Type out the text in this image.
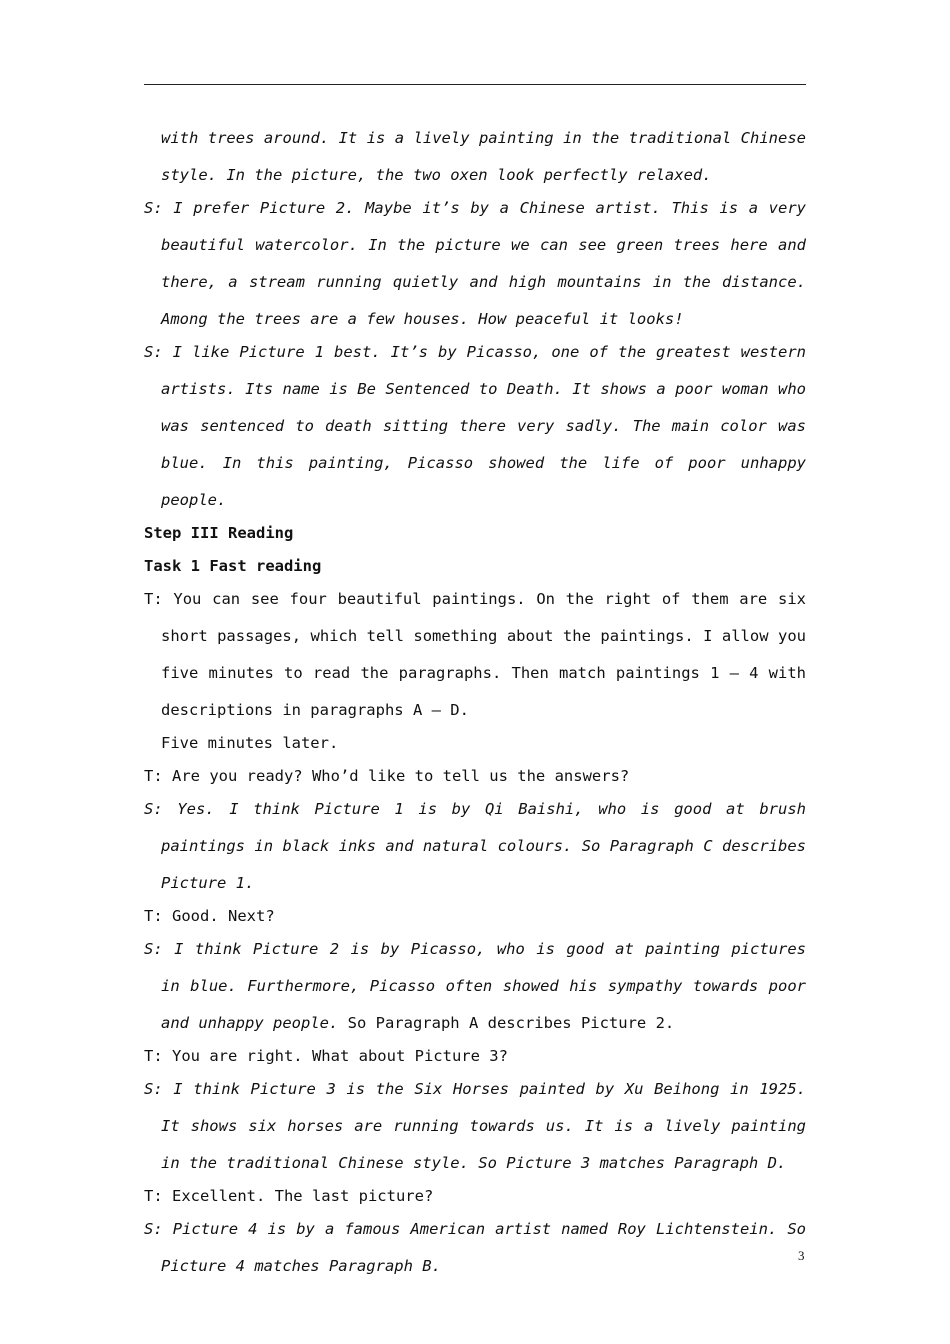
with trees around. It is a lively painting in the traditional Chinese style. In the picture, the two oxen look perfectly relaxed.
S: I prefer Picture 2. Maybe it’s by a Chinese artist. This is a very beautiful watercolor. In the picture we can see green trees here and there, a stream running quietly and high mountains in the distance. Among the trees are a few houses. How peaceful it looks!
S: I like Picture 1 best. It’s by Picasso, one of the greatest western artists. Its name is Be Sentenced to Death. It shows a poor woman who was sentenced to death sitting there very sadly. The main color was blue. In this painting, Picasso showed the life of poor unhappy people.
Step III Reading
Task 1 Fast reading
T: You can see four beautiful paintings. On the right of them are six short passages, which tell something about the paintings. I allow you five minutes to read the paragraphs. Then match paintings 1 — 4 with descriptions in paragraphs A — D.
Five minutes later.
T: Are you ready? Who’d like to tell us the answers?
S: Yes. I think Picture 1 is by Qi Baishi, who is good at brush paintings in black inks and natural colours. So Paragraph C describes Picture 1.
T: Good. Next?
S: I think Picture 2 is by Picasso, who is good at painting pictures in blue. Furthermore, Picasso often showed his sympathy towards poor and unhappy people. So Paragraph A describes Picture 2.
T: You are right. What about Picture 3?
S: I think Picture 3 is the Six Horses painted by Xu Beihong in 1925. It shows six horses are running towards us. It is a lively painting in the traditional Chinese style. So Picture 3 matches Paragraph D.
T: Excellent. The last picture?
S: Picture 4 is by a famous American artist named Roy Lichtenstein. So Picture 4 matches Paragraph B.
3
